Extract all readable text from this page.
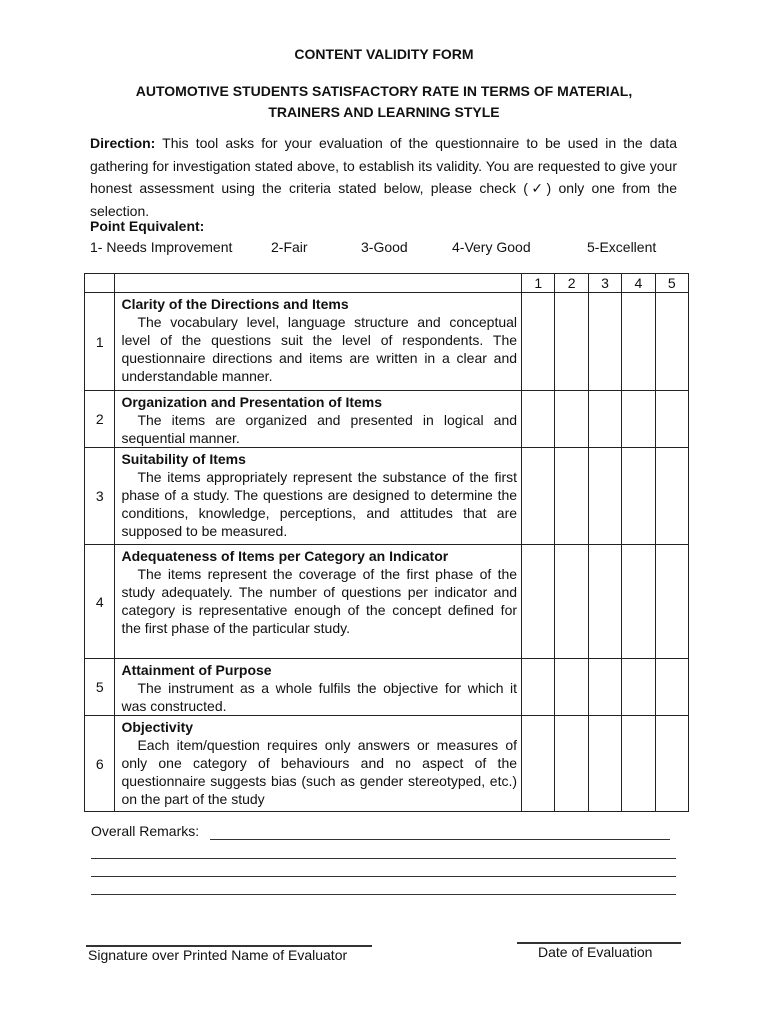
CONTENT VALIDITY FORM
AUTOMOTIVE STUDENTS SATISFACTORY RATE IN TERMS OF MATERIAL,
TRAINERS AND LEARNING STYLE
Direction: This tool asks for your evaluation of the questionnaire to be used in the data gathering for investigation stated above, to establish its validity. You are requested to give your honest assessment using the criteria stated below, please check (✓) only one from the selection.
Point Equivalent:
1- Needs Improvement	2-Fair	3-Good	4-Very Good	5-Excellent
		1	2	3	4	5
1	Clarity of the Directions and Items
The vocabulary level, language structure and conceptual level of the questions suit the level of respondents. The questionnaire directions and items are written in a clear and understandable manner.					

2	Organization and Presentation of Items
The items are organized and presented in logical and sequential manner.					

3	Suitability of Items
The items appropriately represent the substance of the first phase of a study. The questions are designed to determine the conditions, knowledge, perceptions, and attitudes that are supposed to be measured.					

4	Adequateness of Items per Category an Indicator
The items represent the coverage of the first phase of the study adequately. The number of questions per indicator and category is representative enough of the concept defined for the first phase of the particular study.					

5	Attainment of Purpose
The instrument as a whole fulfils the objective for which it was constructed.					

6	Objectivity
Each item/question requires only answers or measures of only one category of behaviours and no aspect of the questionnaire suggests bias (such as gender stereotyped, etc.) on the part of the study					

Overall Remarks:
Signature over Printed Name of Evaluator	Date of Evaluation
